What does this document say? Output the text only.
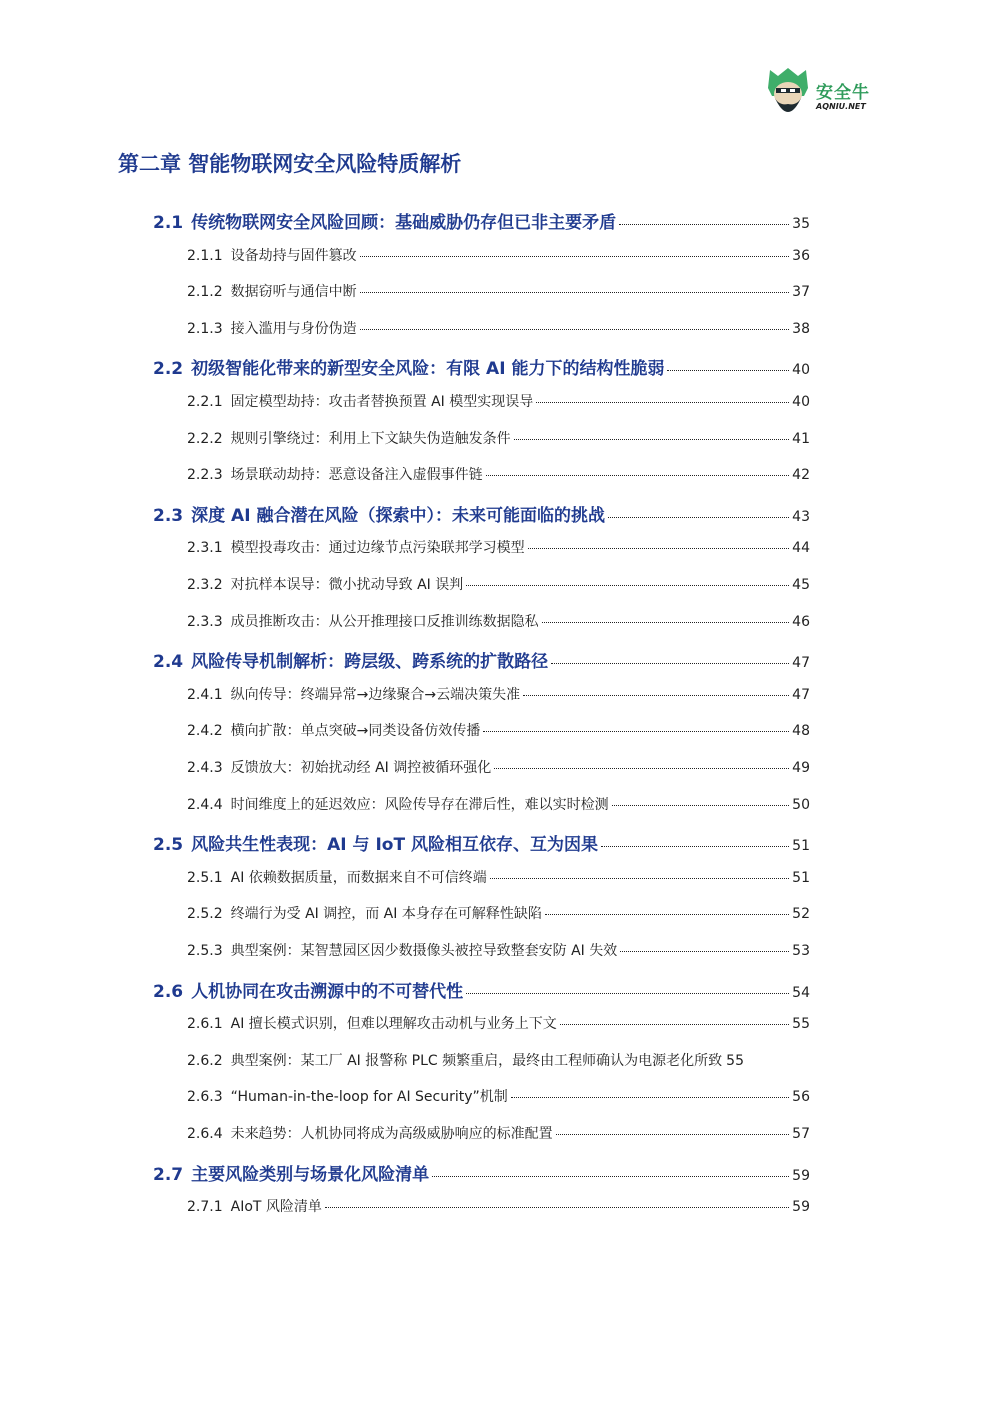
安全牛
AQNIU.NET
第二章 智能物联网安全风险特质解析
2.1 传统物联网安全风险回顾：基础威胁仍存但已非主要矛盾	35
2.1.1 设备劫持与固件篡改	36
2.1.2 数据窃听与通信中断	37
2.1.3 接入滥用与身份伪造	38
2.2 初级智能化带来的新型安全风险：有限 AI 能力下的结构性脆弱	40
2.2.1 固定模型劫持：攻击者替换预置 AI 模型实现误导	40
2.2.2 规则引擎绕过：利用上下文缺失伪造触发条件	41
2.2.3 场景联动劫持：恶意设备注入虚假事件链	42
2.3 深度 AI 融合潜在风险（探索中）：未来可能面临的挑战	43
2.3.1 模型投毒攻击：通过边缘节点污染联邦学习模型	44
2.3.2 对抗样本误导：微小扰动导致 AI 误判	45
2.3.3 成员推断攻击：从公开推理接口反推训练数据隐私	46
2.4 风险传导机制解析：跨层级、跨系统的扩散路径	47
2.4.1 纵向传导：终端异常→边缘聚合→云端决策失准	47
2.4.2 横向扩散：单点突破→同类设备仿效传播	48
2.4.3 反馈放大：初始扰动经 AI 调控被循环强化	49
2.4.4 时间维度上的延迟效应：风险传导存在滞后性，难以实时检测	50
2.5 风险共生性表现：AI 与 IoT 风险相互依存、互为因果	51
2.5.1 AI 依赖数据质量，而数据来自不可信终端	51
2.5.2 终端行为受 AI 调控，而 AI 本身存在可解释性缺陷	52
2.5.3 典型案例：某智慧园区因少数摄像头被控导致整套安防 AI 失效	53
2.6 人机协同在攻击溯源中的不可替代性	54
2.6.1 AI 擅长模式识别，但难以理解攻击动机与业务上下文	55
2.6.2 典型案例：某工厂 AI 报警称 PLC 频繁重启，最终由工程师确认为电源老化所致 55
2.6.3 “Human-in-the-loop for AI Security”机制	56
2.6.4 未来趋势：人机协同将成为高级威胁响应的标准配置	57
2.7 主要风险类别与场景化风险清单	59
2.7.1 AIoT 风险清单	59
